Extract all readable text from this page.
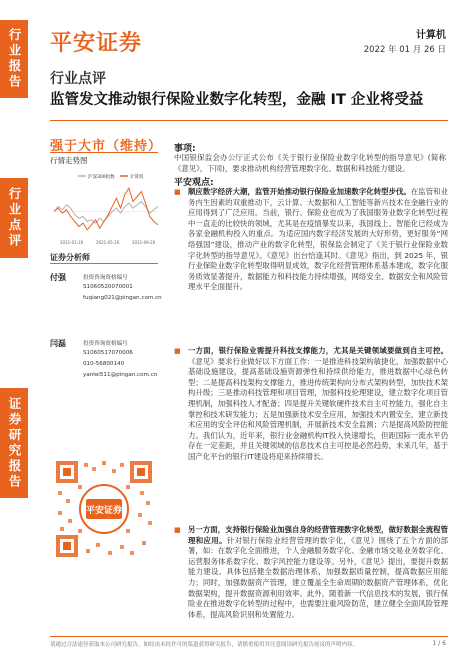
行业报告
行业点评
证券研究报告
平安证券	计算机
2022 年 01 月 26 日
行业点评
监管发文推动银行保险业数字化转型，金融 IT 企业将受益
强于大市（维持）
行情走势图
沪深300指数	计算机
2021-01-26	2021-05-26	2021-09-26
证券分析师
付强	投资咨询资格编号
S1060520070001
fuqiang021@pingan.com.cn
闫磊	投资咨询资格编号
S1060517070006
010-56800140
yanlei511@pingan.com.cn
平安证券
事项:
中国银保监会办公厅正式公布《关于银行业保险业数字化转型的指导意见》(简称《意见》，下同)，要求推动机构经营管理数字化、数据和科技能力建设。
平安观点:
■ 顺应数字经济大潮，监管开始推动银行保险业加速数字化转型步伐。在监管和业务内生因素的双重推动下，云计算、大数据和人工智能等新兴技术在金融行业的应用得到了广泛应用。当前，银行、保险业也成为了我国服务业数字化转型过程中一直走的比较快的领域，尤其是在疫情暴发以来，我国线上、智能化已经成为各家金融机构投入的重点。为适应国内数字经济发展的大好形势，更好服务“网络强国”建设，推动产业的数字化转型，银保监会制定了《关于银行业保险业数字化转型的指导意见》。《意见》出台恰逢其时。《意见》指出，到 2025 年，银行业保险业数字化转型取得明显成效，数字化经营管理体系基本建成，数字化服务质效显著提升，数据能力和科技能力持续增强，网络安全、数据安全和风险管理水平全面提升。
■ 一方面，银行保险业需提升科技支撑能力，尤其是关键领域要做到自主可控。《意见》要求行业做好以下方面工作：一是推进科技架构敏捷化，加强数据中心基础设施建设，提高基础设施资源弹性和持续供给能力，推进数据中心绿色转型；二是提高科技架构支撑能力，推进传统架构向分布式架构转型，加快技术架构升级；三是推动科技管理和项目管理，加强科技伦理建设，建立数字化项目管理机制，加强科技人才配备；四是提升关键软硬件技术自主可控能力，强化自主掌控和技术研发能力；五是加强新技术安全应用，加强技术内置安全，建立新技术应用的安全评估和风险管理机制，开展新技术安全监测；六是提高风险防控能力。我们认为，近年来，银行业金融机构IT投入快速增长，但距国际一流水平仍存在一定差距，并且关键领域的信息技术自主可控是必然趋势，未来几年，基于国产化平台的银行IT建设将迎来持续增长。
■ 另一方面，支持银行保险业加强自身的经营管理数字化转型，做好数据全流程管理和应用。针对银行保险业经营管理的数字化，《意见》围绕了五个方面的部署，如：在数字化全面推进，个人金融服务数字化、金融市场交易业务数字化、运营服务体系数字化、数字风控能力建设等。另外，《意见》提出，要提升数据能力建设。具体包括健全数据治理体系，加强数据质量控制，提高数据应用能力；同时，加强数据资产管理，建立覆盖全生命周期的数据资产管理体系，优化数据架构，提升数据资源利用效率。此外，随着新一代信息技术的发展，银行保险业在推进数字化转型的过程中，也需要注重风险防范，建立健全全面风险管理体系，提高风险识别和处置能力。
请通过合法途径获取本公司研究报告，如经由未经许可的渠道获得研究报告，请慎重使用并注意阅读研究报告尾页的声明内容。	1 / 6
